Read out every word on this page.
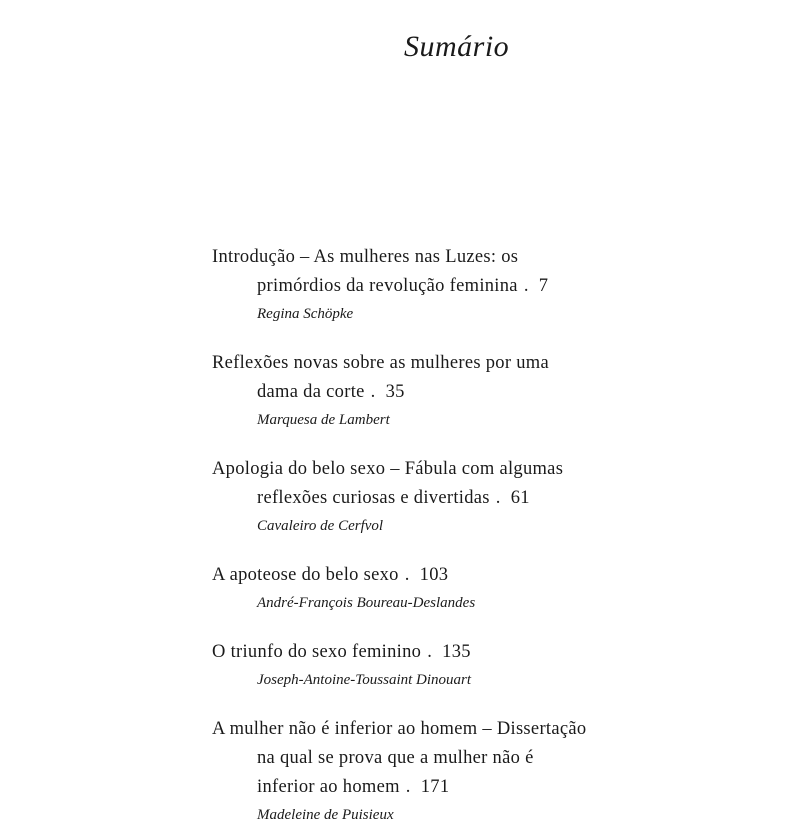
Sumário
Introdução – As mulheres nas Luzes: os
primórdios da revolução feminina . 7
Regina Schöpke
Reflexões novas sobre as mulheres por uma
dama da corte . 35
Marquesa de Lambert
Apologia do belo sexo – Fábula com algumas
reflexões curiosas e divertidas . 61
Cavaleiro de Cerfvol
A apoteose do belo sexo . 103
André-François Boureau-Deslandes
O triunfo do sexo feminino . 135
Joseph-Antoine-Toussaint Dinouart
A mulher não é inferior ao homem – Dissertação
na qual se prova que a mulher não é
inferior ao homem . 171
Madeleine de Puisieux
